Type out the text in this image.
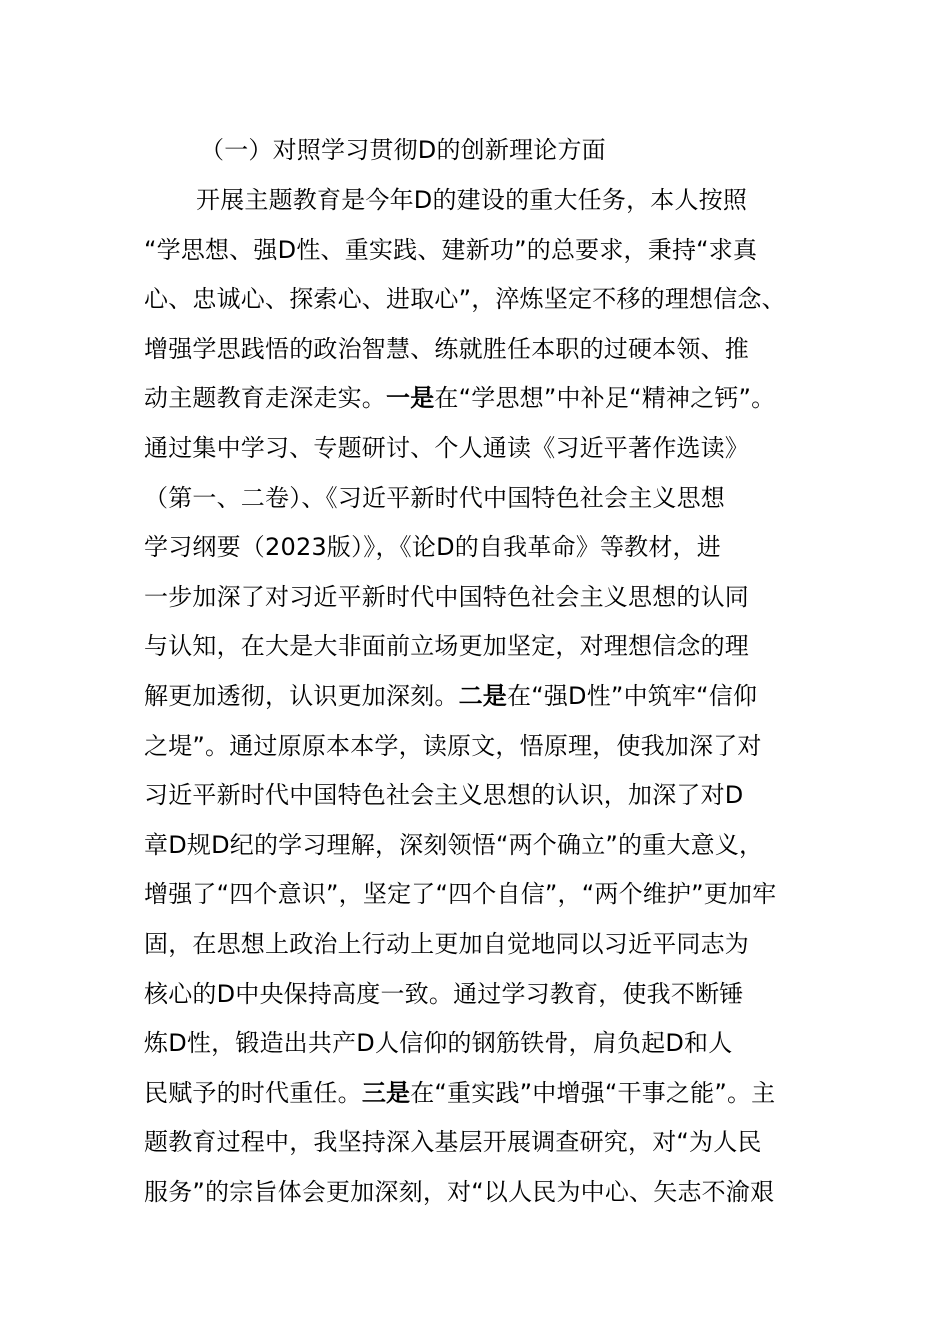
（一）对照学习贯彻D的创新理论方面
开展主题教育是今年D的建设的重大任务，本人按照
“学思想、强D性、重实践、建新功”的总要求，秉持“求真
心、忠诚心、探索心、进取心”，淬炼坚定不移的理想信念、
增强学思践悟的政治智慧、练就胜任本职的过硬本领、推
动主题教育走深走实。一是在“学思想”中补足“精神之钙”。
通过集中学习、专题研讨、个人通读《习近平著作选读》
（第一、二卷）、《习近平新时代中国特色社会主义思想
学习纲要（2023版）》，《论D的自我革命》等教材，进
一步加深了对习近平新时代中国特色社会主义思想的认同
与认知，在大是大非面前立场更加坚定，对理想信念的理
解更加透彻，认识更加深刻。二是在“强D性”中筑牢“信仰
之堤”。通过原原本本学，读原文，悟原理，使我加深了对
习近平新时代中国特色社会主义思想的认识，加深了对D
章D规D纪的学习理解，深刻领悟“两个确立”的重大意义，
增强了“四个意识”，坚定了“四个自信”，“两个维护”更加牢
固，在思想上政治上行动上更加自觉地同以习近平同志为
核心的D中央保持高度一致。通过学习教育，使我不断锤
炼D性，锻造出共产D人信仰的钢筋铁骨，肩负起D和人
民赋予的时代重任。三是在“重实践”中增强“干事之能”。主
题教育过程中，我坚持深入基层开展调查研究，对“为人民
服务”的宗旨体会更加深刻，对“以人民为中心、矢志不渝艰
